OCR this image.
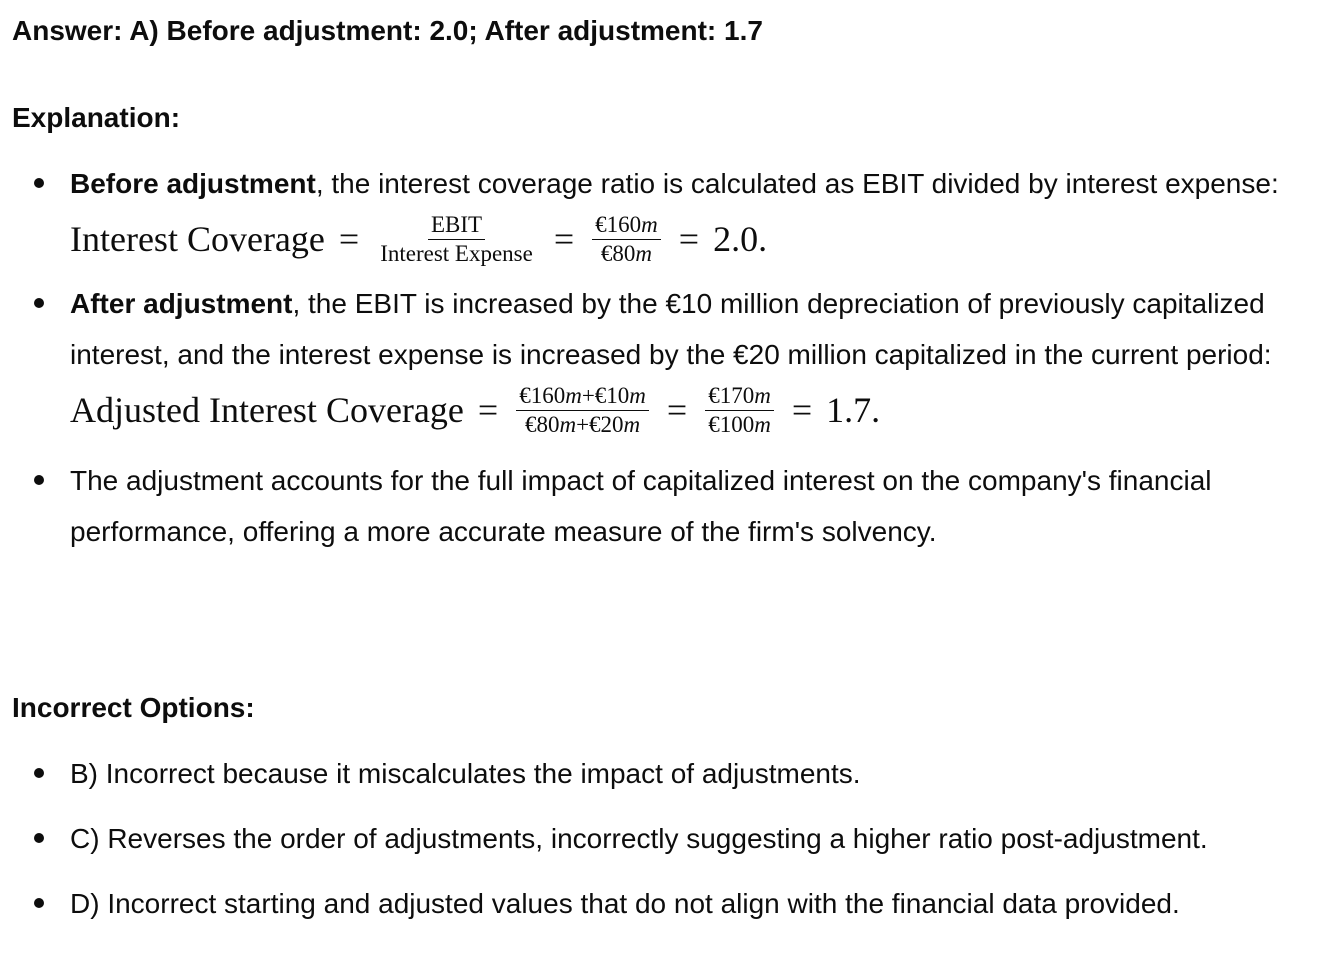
Answer: A) Before adjustment: 2.0; After adjustment: 1.7
Explanation:
Before adjustment, the interest coverage ratio is calculated as EBIT divided by interest expense:
Interest Coverage = $\frac{\text{EBIT}}{\text{Interest Expense}} = \frac{€160m}{€80m} = 2.0$.
After adjustment, the EBIT is increased by the €10 million depreciation of previously capitalized interest, and the interest expense is increased by the €20 million capitalized in the current period:
Adjusted Interest Coverage = $\frac{€160m+€10m}{€80m+€20m} = \frac{€170m}{€100m} = 1.7$.
The adjustment accounts for the full impact of capitalized interest on the company's financial performance, offering a more accurate measure of the firm's solvency.
Incorrect Options:
B) Incorrect because it miscalculates the impact of adjustments.
C) Reverses the order of adjustments, incorrectly suggesting a higher ratio post-adjustment.
D) Incorrect starting and adjusted values that do not align with the financial data provided.
